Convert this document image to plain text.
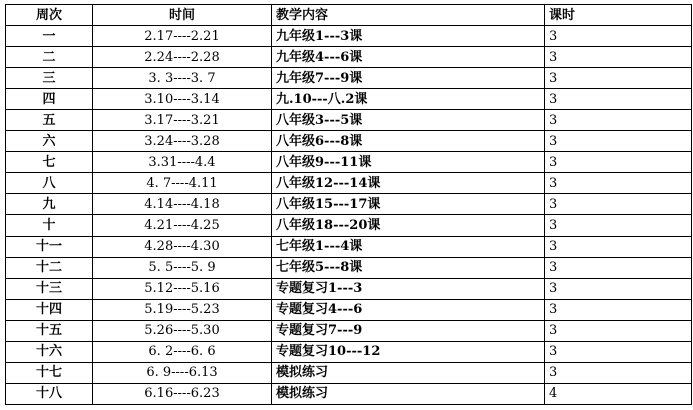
周次	时间	教学内容	课时
一	2.17----2.21	九年级1---3课	3
二	2.24----2.28	九年级4---6课	3
三	3. 3----3. 7	九年级7---9课	3
四	3.10----3.14	九.10---八.2课	3
五	3.17----3.21	八年级3---5课	3
六	3.24----3.28	八年级6---8课	3
七	3.31----4.4	八年级9---11课	3
八	4. 7----4.11	八年级12---14课	3
九	4.14----4.18	八年级15---17课	3
十	4.21----4.25	八年级18---20课	3
十一	4.28----4.30	七年级1---4课	3
十二	5. 5----5. 9	七年级5---8课	3
十三	5.12----5.16	专题复习1---3	3
十四	5.19----5.23	专题复习4---6	3
十五	5.26----5.30	专题复习7---9	3
十六	6. 2----6. 6	专题复习10---12	3
十七	6. 9----6.13	模拟练习	3
十八	6.16----6.23	模拟练习	4
